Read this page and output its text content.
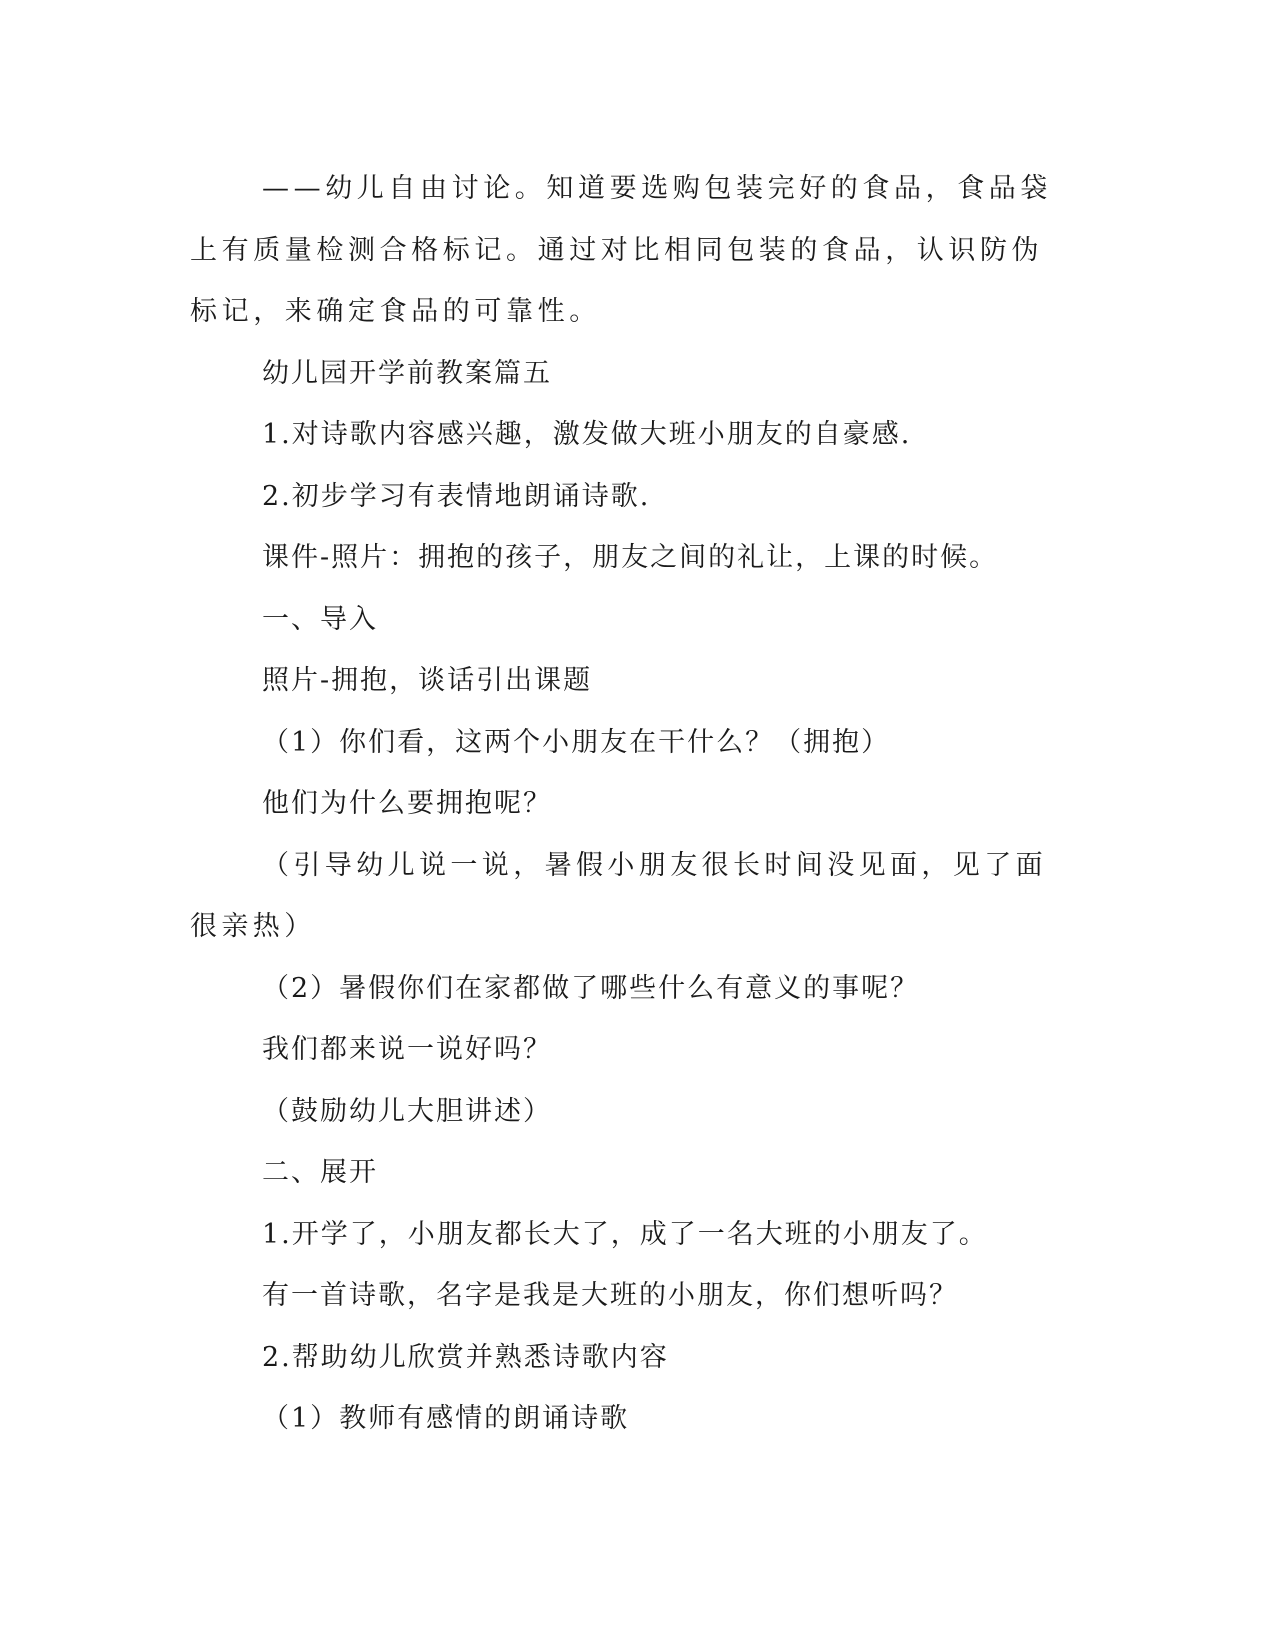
——幼儿自由讨论。知道要选购包装完好的食品，食品袋上有质量检测合格标记。通过对比相同包装的食品，认识防伪标记，来确定食品的可靠性。

幼儿园开学前教案篇五

1.对诗歌内容感兴趣，激发做大班小朋友的自豪感.

2.初步学习有表情地朗诵诗歌.

课件-照片：拥抱的孩子，朋友之间的礼让，上课的时候。

一、导入

照片-拥抱，谈话引出课题

（1）你们看，这两个小朋友在干什么？（拥抱）

他们为什么要拥抱呢？

（引导幼儿说一说，暑假小朋友很长时间没见面，见了面很亲热）

（2）暑假你们在家都做了哪些什么有意义的事呢？

我们都来说一说好吗？

（鼓励幼儿大胆讲述）

二、展开

1.开学了，小朋友都长大了，成了一名大班的小朋友了。

有一首诗歌，名字是我是大班的小朋友，你们想听吗？

2.帮助幼儿欣赏并熟悉诗歌内容

（1）教师有感情的朗诵诗歌
